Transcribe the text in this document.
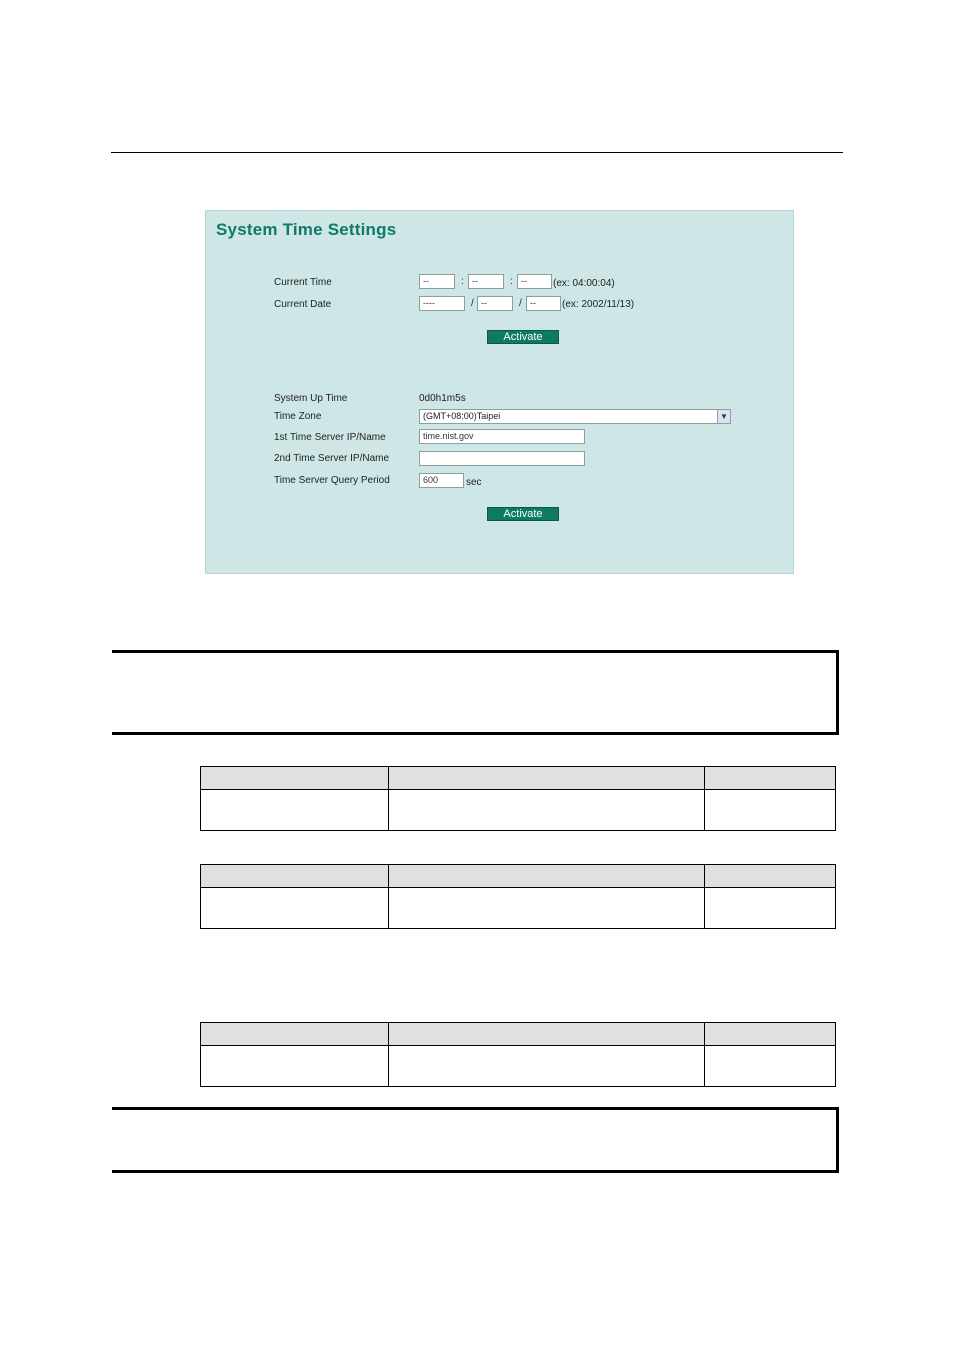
System Time Settings
Current Time	--	: --	: --	(ex: 04:00:04)
Current Date	----	/ --	/ --	(ex: 2002/11/13)
Activate
System Up Time	0d0h1m5s
Time Zone	(GMT+08:00)Taipei	▼
1st Time Server IP/Name	time.nist.gov
2nd Time Server IP/Name
Time Server Query Period	600	sec
Activate
